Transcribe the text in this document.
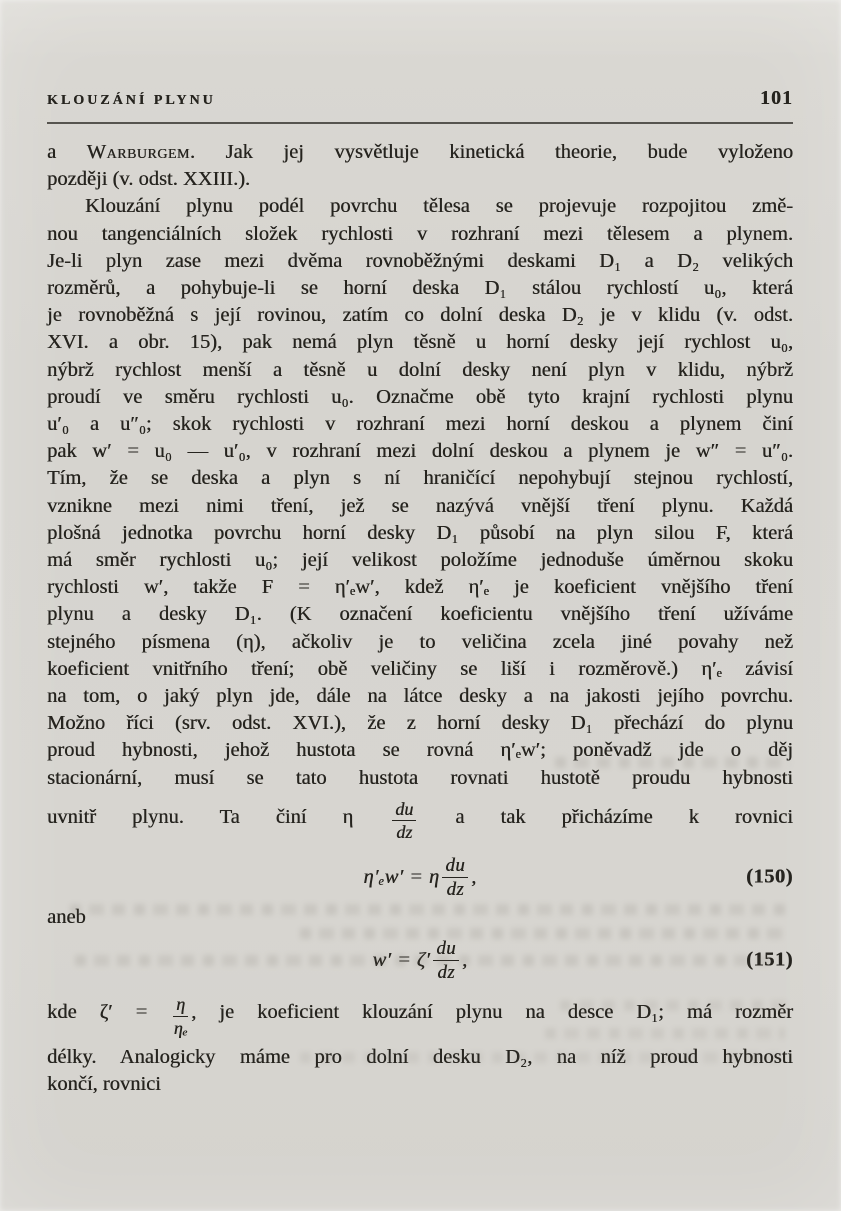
KLOUZÁNÍ PLYNU	101
a Warburgem. Jak jej vysvětluje kinetická theorie, bude vyloženo
později (v. odst. XXIII.).
Klouzání plynu podél povrchu tělesa se projevuje rozpojitou změ-
nou tangenciálních složek rychlosti v rozhraní mezi tělesem a plynem.
Je-li plyn zase mezi dvěma rovnoběžnými deskami D₁ a D₂ velikých
rozměrů, a pohybuje-li se horní deska D₁ stálou rychlostí u₀, která
je rovnoběžná s její rovinou, zatím co dolní deska D₂ je v klidu (v. odst.
XVI. a obr. 15), pak nemá plyn těsně u horní desky její rychlost u₀,
nýbrž rychlost menší a těsně u dolní desky není plyn v klidu, nýbrž
proudí ve směru rychlosti u₀. Označme obě tyto krajní rychlosti plynu
u′₀ a u″₀; skok rychlosti v rozhraní mezi horní deskou a plynem činí
pak w′ = u₀ — u′₀, v rozhraní mezi dolní deskou a plynem je w″ = u″₀.
Tím, že se deska a plyn s ní hraničící nepohybují stejnou rychlostí,
vznikne mezi nimi tření, jež se nazývá vnější tření plynu. Každá
plošná jednotka povrchu horní desky D₁ působí na plyn silou F, která
má směr rychlosti u₀; její velikost položíme jednoduše úměrnou skoku
rychlosti w′, takže F = η′ₑw′, kdež η′ₑ je koeficient vnějšího tření
plynu a desky D₁. (K označení koeficientu vnějšího tření užíváme
stejného písmena (η), ačkoliv je to veličina zcela jiné povahy než
koeficient vnitřního tření; obě veličiny se liší i rozměrově.) η′ₑ závisí
na tom, o jaký plyn jde, dále na látce desky a na jakosti jejího povrchu.
Možno říci (srv. odst. XVI.), že z horní desky D₁ přechází do plynu
proud hybnosti, jehož hustota se rovná η′ₑw′; poněvadž jde o děj
stacionární, musí se tato hustota rovnati hustotě proudu hybnosti
uvnitř plynu. Ta činí η $\frac{du}{dz}$ a tak přicházíme k rovnici
η′ₑw′ = η $\frac{du}{dz}$ ,	(150)
aneb
$w' = \zeta' \frac{du}{dz}$ ,	(151)
kde $\zeta' = \frac{\eta}{\text{ηₑ}}$ , je koeficient klouzání plynu na desce D₁; má rozměr
délky. Analogicky máme pro dolní desku D₂, na níž proud hybnosti
končí, rovnici
